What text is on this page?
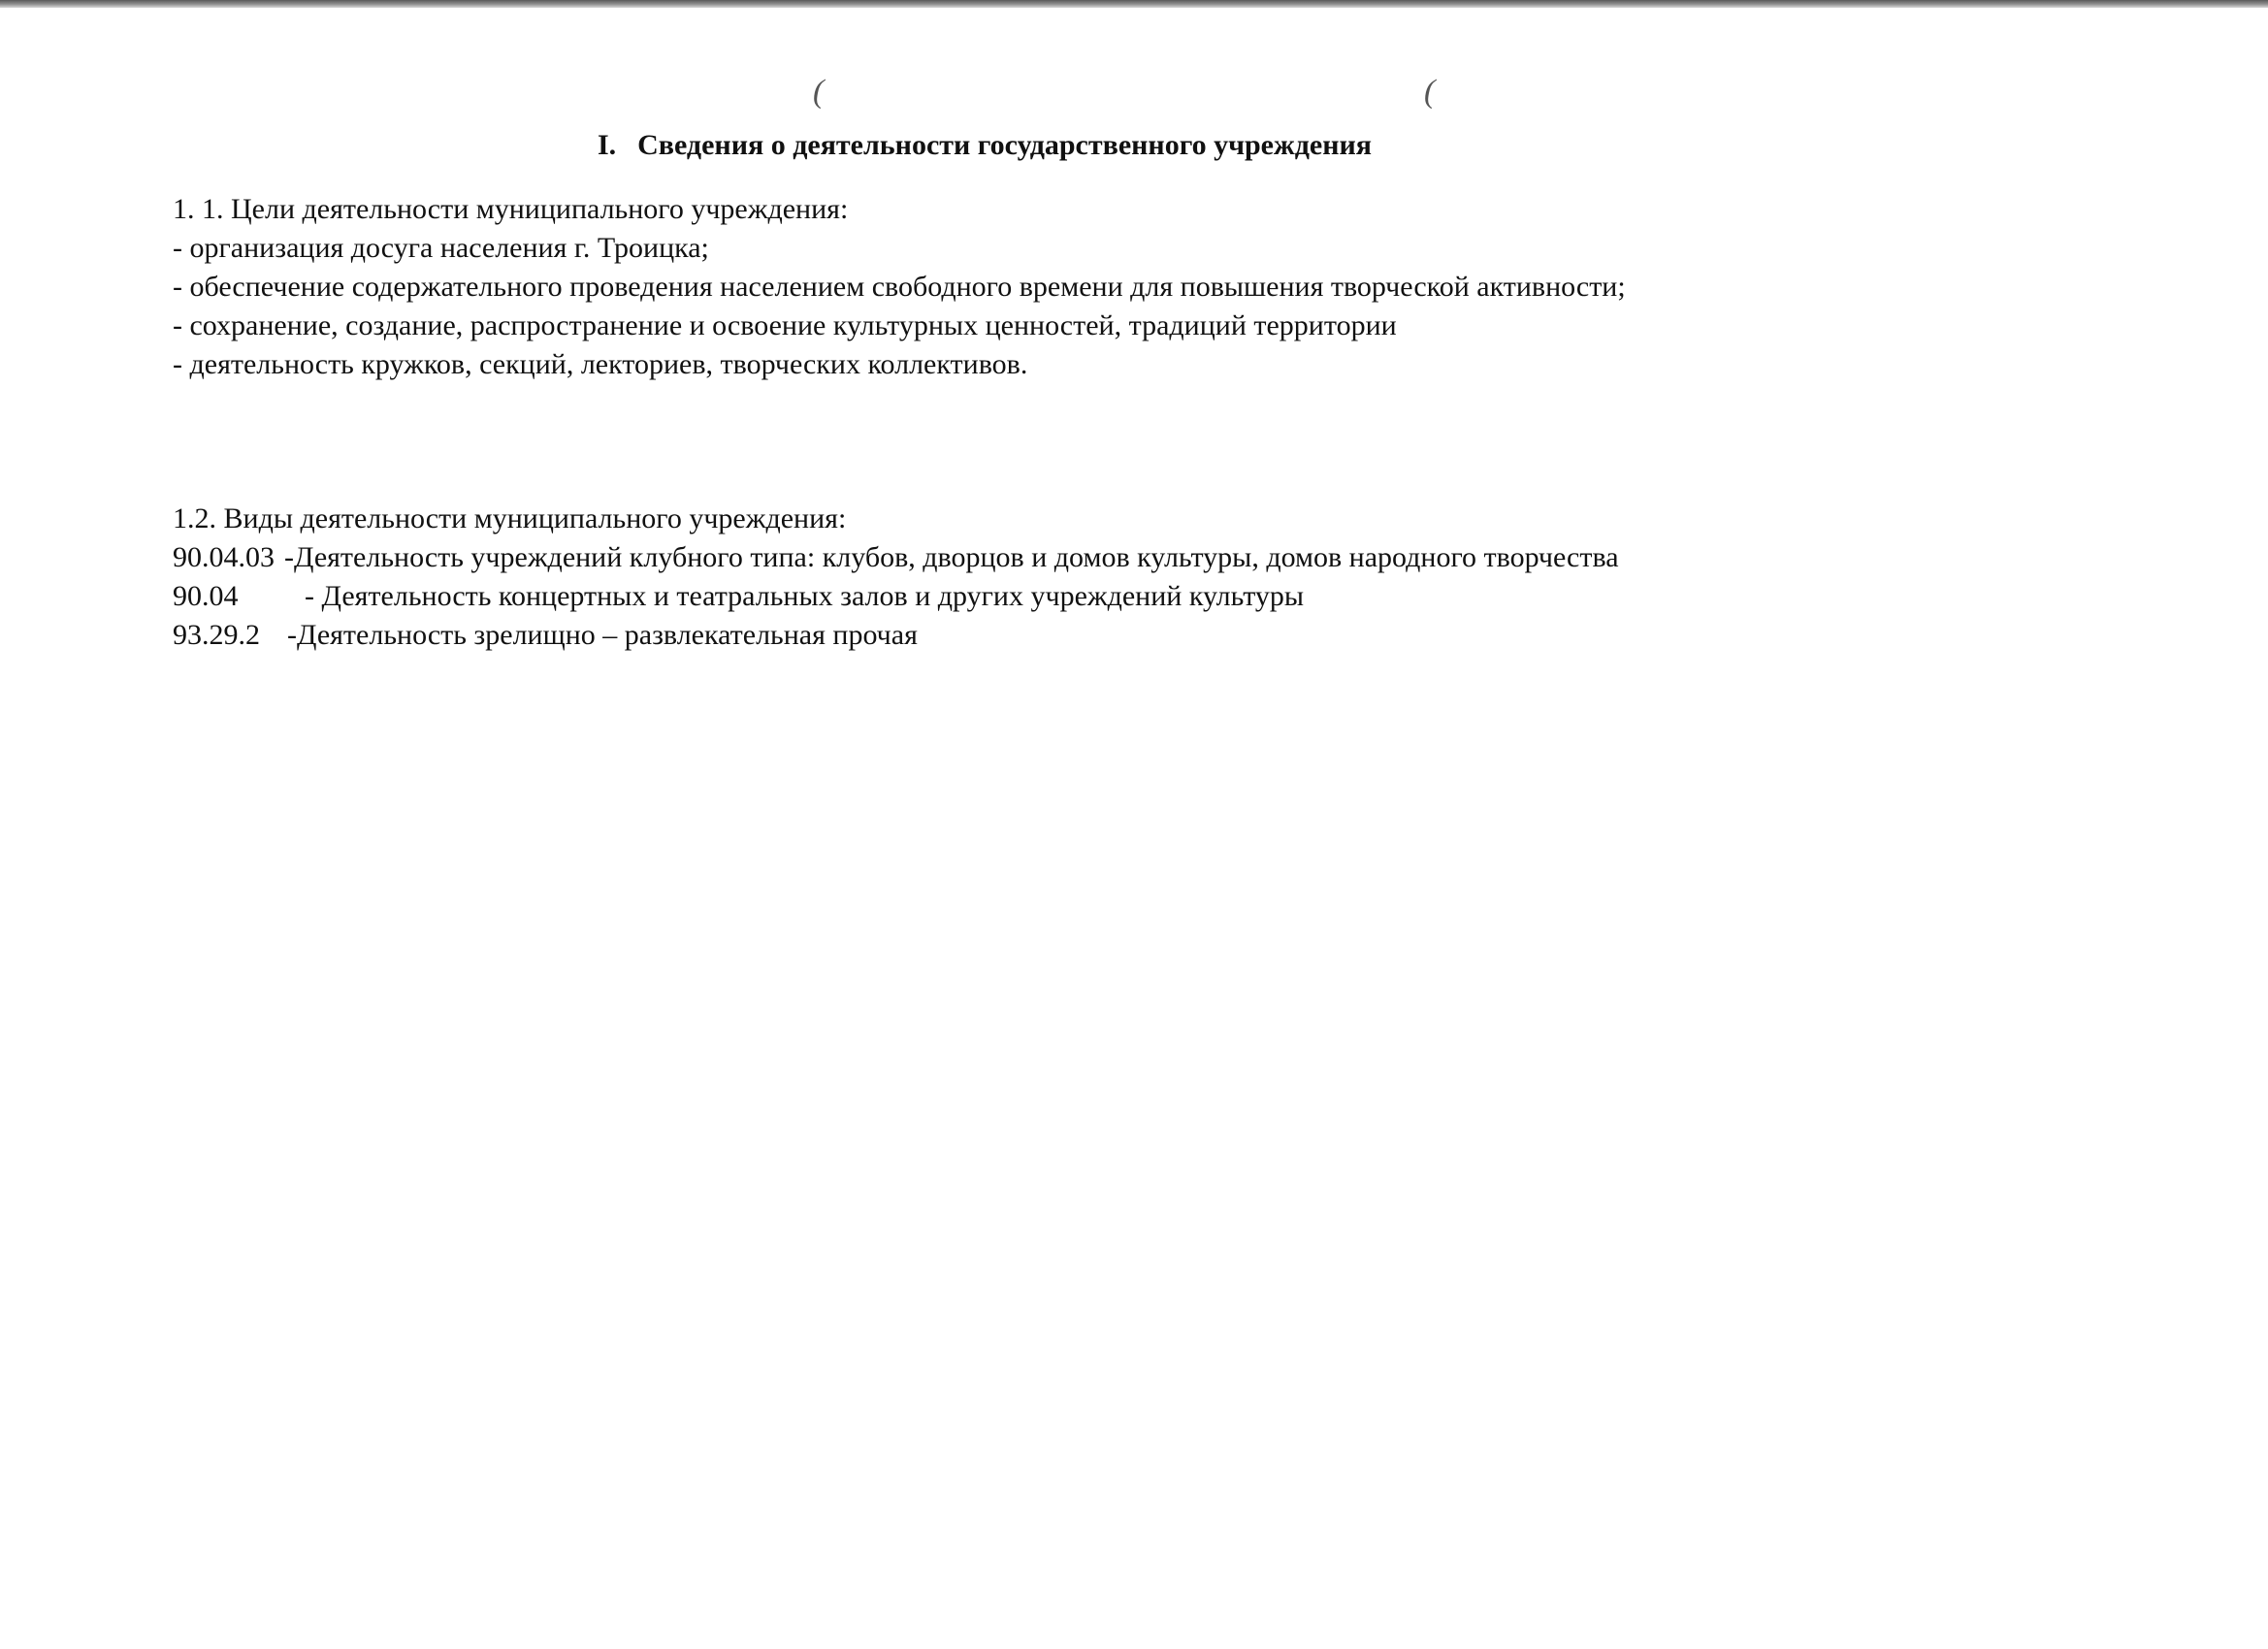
(	(
I. Сведения о деятельности государственного учреждения
1. 1. Цели деятельности муниципального учреждения:
- организация досуга населения г. Троицка;
- обеспечение содержательного проведения населением свободного времени для повышения творческой активности;
- сохранение, создание, распространение и освоение культурных ценностей, традиций территории
- деятельность кружков, секций, лекториев, творческих коллективов.
1.2. Виды деятельности муниципального учреждения:
90.04.03 -Деятельность учреждений клубного типа: клубов, дворцов и домов культуры, домов народного творчества
90.04 - Деятельность концертных и театральных залов и других учреждений культуры
93.29.2 -Деятельность зрелищно – развлекательная прочая
